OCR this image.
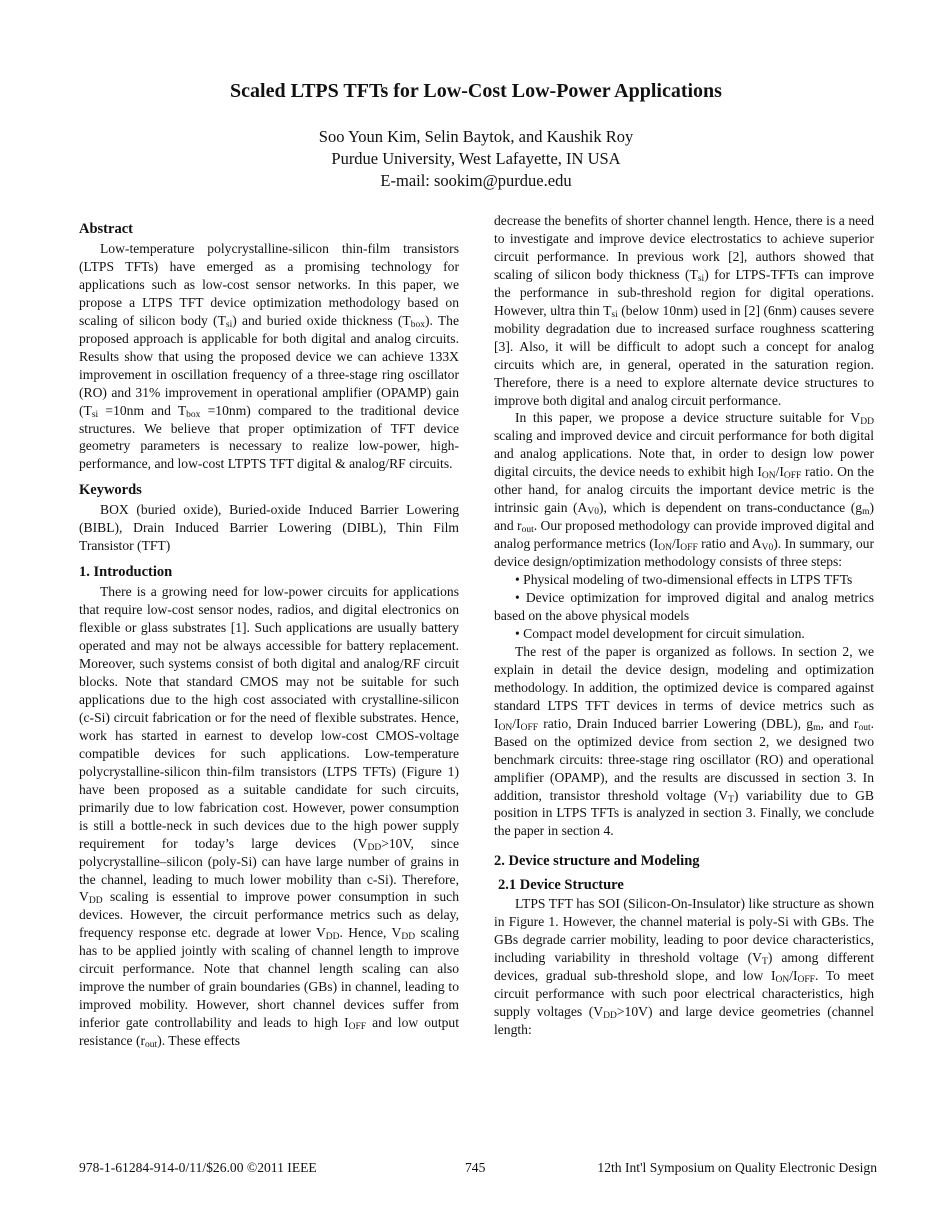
Scaled LTPS TFTs for Low-Cost Low-Power Applications
Soo Youn Kim, Selin Baytok, and Kaushik Roy
Purdue University, West Lafayette, IN USA
E-mail: sookim@purdue.edu
Abstract

Low-temperature polycrystalline-silicon thin-film transistors (LTPS TFTs) have emerged as a promising technology for applications such as low-cost sensor networks. In this paper, we propose a LTPS TFT device optimization methodology based on scaling of silicon body $(T_{si})$ and buried oxide thickness $(T_{box})$. The proposed approach is applicable for both digital and analog circuits. Results show that using the proposed device we can achieve 133X improvement in oscillation frequency of a three-stage ring oscillator (RO) and 31% improvement in operational amplifier (OPAMP) gain ($T_{si} =10nm$ and $T_{box} =10nm$) compared to the traditional device structures. We believe that proper optimization of TFT device geometry parameters is necessary to realize low-power, high-performance, and low-cost LTPTS TFT digital & analog/RF circuits.

Keywords

BOX (buried oxide), Buried-oxide Induced Barrier Lowering (BIBL), Drain Induced Barrier Lowering (DIBL), Thin Film Transistor (TFT)

1. Introduction

There is a growing need for low-power circuits for applications that require low-cost sensor nodes, radios, and digital electronics on flexible or glass substrates [1]. Such applications are usually battery operated and may not be always accessible for battery replacement. Moreover, such systems consist of both digital and analog/RF circuit blocks. Note that standard CMOS may not be suitable for such applications due to the high cost associated with crystalline-silicon (c-Si) circuit fabrication or for the need of flexible substrates. Hence, work has started in earnest to develop low-cost CMOS-voltage compatible devices for such applications. Low-temperature polycrystalline-silicon thin-film transistors (LTPS TFTs) (Figure 1) have been proposed as a suitable candidate for such circuits, primarily due to low fabrication cost. However, power consumption is still a bottle-neck in such devices due to the high power supply requirement for today’s large devices ($V_{DD}>10V$, since polycrystalline–silicon (poly-Si) can have large number of grains in the channel, leading to much lower mobility than c-Si). Therefore, $V_{DD}$ scaling is essential to improve power consumption in such devices. However, the circuit performance metrics such as delay, frequency response etc. degrade at lower $V_{DD}$. Hence, $V_{DD}$ scaling has to be applied jointly with scaling of channel length to improve circuit performance. Note that channel length scaling can also improve the number of grain boundaries (GBs) in channel, leading to improved mobility. However, short channel devices suffer from inferior gate controllability and leads to high $I_{OFF}$ and low output resistance $(r_{out})$. These effects

decrease the benefits of shorter channel length. Hence, there is a need to investigate and improve device electrostatics to achieve superior circuit performance. In previous work [2], authors showed that scaling of silicon body thickness $(T_{si})$ for LTPS-TFTs can improve the performance in sub-threshold region for digital operations. However, ultra thin $T_{si}$ (below 10nm) used in [2] (6nm) causes severe mobility degradation due to increased surface roughness scattering [3]. Also, it will be difficult to adopt such a concept for analog circuits which are, in general, operated in the saturation region. Therefore, there is a need to explore alternate device structures to improve both digital and analog circuit performance.

In this paper, we propose a device structure suitable for $V_{DD}$ scaling and improved device and circuit performance for both digital and analog applications. Note that, in order to design low power digital circuits, the device needs to exhibit high $I_{ON}/I_{OFF}$ ratio. On the other hand, for analog circuits the important device metric is the intrinsic gain $(A_{V0})$, which is dependent on trans-conductance $(g_m)$ and $r_{out}$. Our proposed methodology can provide improved digital and analog performance metrics ($I_{ON}/I_{OFF}$ ratio and $A_{V0}$). In summary, our device design/optimization methodology consists of three steps:

• Physical modeling of two-dimensional effects in LTPS TFTs

• Device optimization for improved digital and analog metrics based on the above physical models

• Compact model development for circuit simulation.

The rest of the paper is organized as follows. In section 2, we explain in detail the device design, modeling and optimization methodology. In addition, the optimized device is compared against standard LTPS TFT devices in terms of device metrics such as $I_{ON}/I_{OFF}$ ratio, Drain Induced barrier Lowering (DBL), $g_m$, and $r_{out}$. Based on the optimized device from section 2, we designed two benchmark circuits: three-stage ring oscillator (RO) and operational amplifier (OPAMP), and the results are discussed in section 3. In addition, transistor threshold voltage $(V_T)$ variability due to GB position in LTPS TFTs is analyzed in section 3. Finally, we conclude the paper in section 4.

2. Device structure and Modeling
2.1 Device Structure

LTPS TFT has SOI (Silicon-On-Insulator) like structure as shown in Figure 1. However, the channel material is poly-Si with GBs. The GBs degrade carrier mobility, leading to poor device characteristics, including variability in threshold voltage $(V_T)$ among different devices, gradual sub-threshold slope, and low $I_{ON}/I_{OFF}$. To meet circuit performance with such poor electrical characteristics, high supply voltages $(V_{DD}>10V)$ and large device geometries (channel length:

978-1-61284-914-0/11/$26.00 ©2011 IEEE	745	12th Int'l Symposium on Quality Electronic Design
